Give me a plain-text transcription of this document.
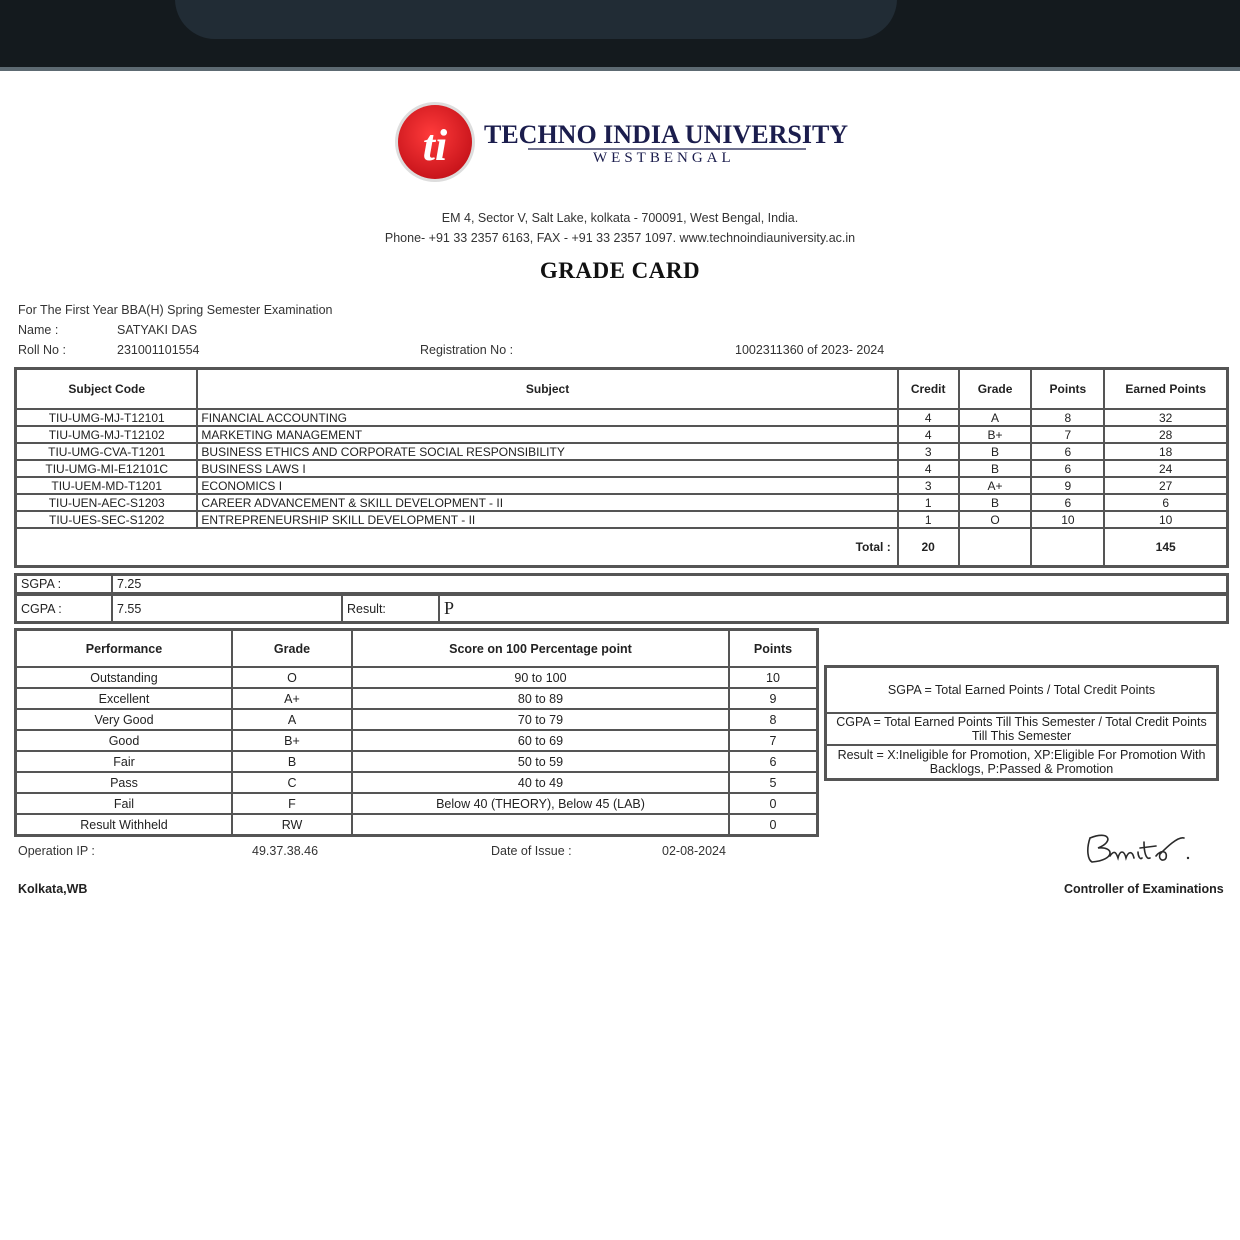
ti TECHNO INDIA UNIVERSITY
WESTBENGAL
EM 4, Sector V, Salt Lake, kolkata - 700091, West Bengal, India.
Phone- +91 33 2357 6163, FAX - +91 33 2357 1097. www.technoindiauniversity.ac.in
GRADE CARD
For The First Year BBA(H) Spring Semester Examination
Name :	SATYAKI DAS
Roll No :	231001101554	Registration No :	1002311360 of 2023- 2024
Subject Code	Subject	Credit	Grade	Points	Earned Points
TIU-UMG-MJ-T12101	FINANCIAL ACCOUNTING	4	A	8	32
TIU-UMG-MJ-T12102	MARKETING MANAGEMENT	4	B+	7	28
TIU-UMG-CVA-T1201	BUSINESS ETHICS AND CORPORATE SOCIAL RESPONSIBILITY	3	B	6	18
TIU-UMG-MI-E12101C	BUSINESS LAWS I	4	B	6	24
TIU-UEM-MD-T1201	ECONOMICS I	3	A+	9	27
TIU-UEN-AEC-S1203	CAREER ADVANCEMENT & SKILL DEVELOPMENT - II	1	B	6	6
TIU-UES-SEC-S1202	ENTREPRENEURSHIP SKILL DEVELOPMENT - II	1	O	10	10
Total :		20			145
SGPA :	7.25
CGPA :	7.55	Result:	P
Performance	Grade	Score on 100 Percentage point	Points
Outstanding	O	90 to 100	10
Excellent	A+	80 to 89	9
Very Good	A	70 to 79	8
Good	B+	60 to 69	7
Fair	B	50 to 59	6
Pass	C	40 to 49	5
Fail	F	Below 40 (THEORY), Below 45 (LAB)	0
Result Withheld	RW		0
SGPA = Total Earned Points / Total Credit Points
CGPA = Total Earned Points Till This Semester / Total Credit Points Till This Semester
Result = X:Ineligible for Promotion, XP:Eligible For Promotion With Backlogs, P:Passed & Promotion
Operation IP :	49.37.38.46	Date of Issue :	02-08-2024
Kolkata,WB	Controller of Examinations
